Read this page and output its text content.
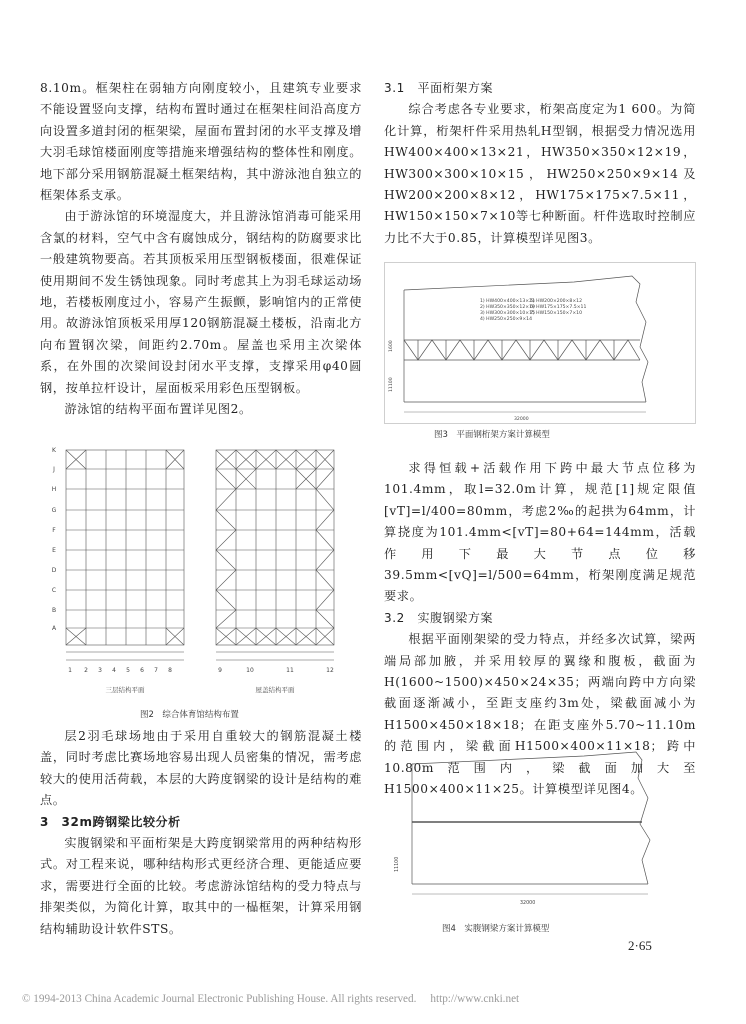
8.10m。框架柱在弱轴方向刚度较小，且建筑专业要求不能设置竖向支撑，结构布置时通过在框架柱间沿高度方向设置多道封闭的框架梁，屋面布置封闭的水平支撑及增大羽毛球馆楼面刚度等措施来增强结构的整体性和刚度。地下部分采用钢筋混凝土框架结构，其中游泳池自独立的框架体系支承。

由于游泳馆的环境湿度大，并且游泳馆消毒可能采用含氯的材料，空气中含有腐蚀成分，钢结构的防腐要求比一般建筑物要高。若其顶板采用压型钢板楼面，很难保证使用期间不发生锈蚀现象。同时考虑其上为羽毛球运动场地，若楼板刚度过小，容易产生振颤，影响馆内的正常使用。故游泳馆顶板采用厚120钢筋混凝土楼板，沿南北方向布置钢次梁，间距约2.70m。屋盖也采用主次梁体系，在外围的次梁间设封闭水平支撑，支撑采用φ40圆钢，按单拉杆设计，屋面板采用彩色压型钢板。

游泳馆的结构平面布置详见图2。

K
J
H
G
F
E
D
C
B
A
1 2 3 4 5 6 7 8	9	10	11	12
三层结构平面	屋盖结构平面
图2　综合体育馆结构布置

层2羽毛球场地由于采用自重较大的钢筋混凝土楼盖，同时考虑比赛场地容易出现人员密集的情况，需考虑较大的使用活荷载，本层的大跨度钢梁的设计是结构的难点。

3　32m跨钢梁比较分析

实腹钢梁和平面桁架是大跨度钢梁常用的两种结构形式。对工程来说，哪种结构形式更经济合理、更能适应要求，需要进行全面的比较。考虑游泳馆结构的受力特点与排架类似，为简化计算，取其中的一榀框架，计算采用钢结构辅助设计软件STS。

3.1　平面桁架方案

综合考虑各专业要求，桁架高度定为1 600。为简化计算，桁架杆件采用热轧H型钢，根据受力情况选用HW400×400×13×21，HW350×350×12×19，HW300×300×10×15，HW250×250×9×14及HW200×200×8×12，HW175×175×7.5×11，HW150×150×7×10等七种断面。杆件选取时控制应力比不大于0.85，计算模型详见图3。

1) HW400×400×13×21
2) HW350×350×12×19
3) HW300×300×10×15
4) HW250×250×9×14
5) HW200×200×8×12
6) HW175×175×7.5×11
7) HW150×150×7×10
1600
11100
32000
图3　平面钢桁架方案计算模型

求得恒载+活载作用下跨中最大节点位移为101.4mm，取l=32.0m计算，规范[1]规定限值[vT]=l/400=80mm，考虑2‰的起拱为64mm，计算挠度为101.4mm<[vT]=80+64=144mm，活载作用下最大节点位移39.5mm<[vQ]=l/500=64mm，桁架刚度满足规范要求。

3.2　实腹钢梁方案

根据平面刚架梁的受力特点，并经多次试算，梁两端局部加腋，并采用较厚的翼缘和腹板，截面为H(1600~1500)×450×24×35；两端向跨中方向梁截面逐渐减小，至距支座约3m处，梁截面减小为H1500×450×18×18；在距支座外5.70~11.10m的范围内，梁截面H1500×400×11×18；跨中10.80m范围内，梁截面加大至H1500×400×11×25。计算模型详见图4。

11100
32000
图4　实腹钢梁方案计算模型
2·65
© 1994-2013 China Academic Journal Electronic Publishing House. All rights reserved.　 http://www.cnki.net
